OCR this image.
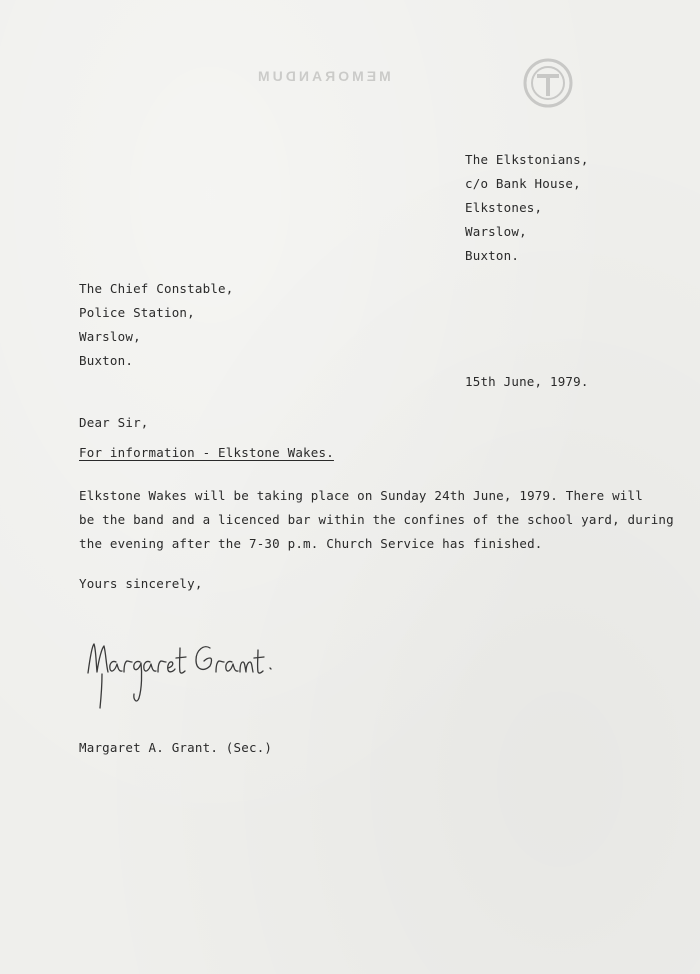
MEMORANDUM
The Elkstonians,
c/o Bank House,
Elkstones,
Warslow,
Buxton.
The Chief Constable,
Police Station,
Warslow,
Buxton.
15th June, 1979.
Dear Sir,
For information - Elkstone Wakes.
Elkstone Wakes will be taking place on Sunday 24th June, 1979. There will
be the band and a licenced bar within the confines of the school yard, during
the evening after the 7-30 p.m. Church Service has finished.
Yours sincerely,
Margaret A. Grant. (Sec.)
